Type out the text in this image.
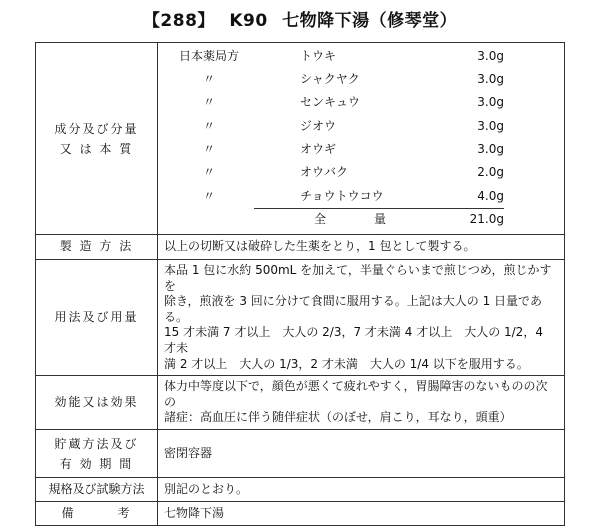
【288】 K90 七物降下湯（修琴堂）
成分及び分量
又 は 本 質

日本薬局方	トウキ	3.0g	
〃	シャクヤク	3.0g	
〃	センキュウ	3.0g	
〃	ジオウ	3.0g	
〃	オウギ	3.0g	
〃	オウバク	2.0g	
〃	チョウトウコウ	4.0g	
	全　量	21.0g	

製 造 方 法	以上の切断又は破砕した生薬をとり，1 包として製する。
用法及び用量	
本品 1 包に水約 500mL を加えて，半量ぐらいまで煎じつめ，煎じかすを
除き，煎液を 3 回に分けて食間に服用する。上記は大人の 1 日量である。
15 才未満 7 才以上　大人の 2/3，7 才未満 4 才以上　大人の 1/2，4 才未
満 2 才以上　大人の 1/3，2 才未満　大人の 1/4 以下を服用する。

効能又は効果	
体力中等度以下で，顔色が悪くて疲れやすく，胃腸障害のないものの次の
諸症：高血圧に伴う随伴症状（のぼせ，肩こり，耳なり，頭重）

貯蔵方法及び
有 効 期 間
	密閉容器
規格及び試験方法	別記のとおり。
備　　　考	七物降下湯
